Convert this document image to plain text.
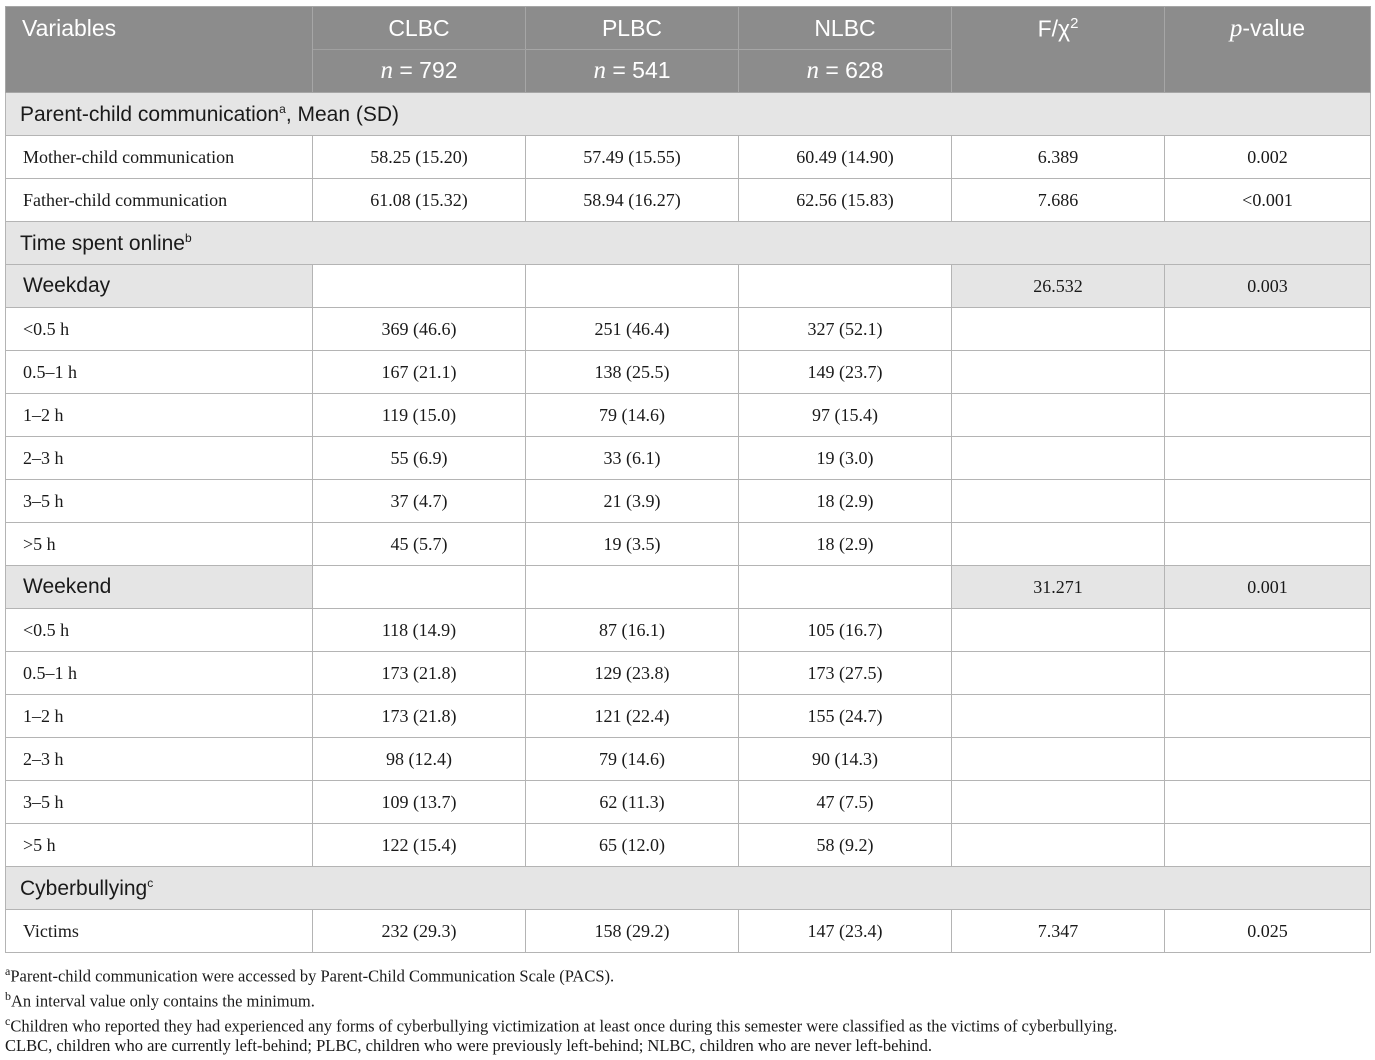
Variables	CLBC	PLBC	NLBC	$F/\chi^2$	p-value
	n = 792	n = 541	n = 628		
Parent-child communication$^a$, Mean (SD)					
Mother-child communication	58.25 (15.20)	57.49 (15.55)	60.49 (14.90)	6.389	0.002
Father-child communication	61.08 (15.32)	58.94 (16.27)	62.56 (15.83)	7.686	<0.001
Time spent online$^b$
Weekday				26.532	0.003
<0.5 h	369 (46.6)	251 (46.4)	327 (52.1)		
0.5–1 h	167 (21.1)	138 (25.5)	149 (23.7)		
1–2 h	119 (15.0)	79 (14.6)	97 (15.4)		
2–3 h	55 (6.9)	33 (6.1)	19 (3.0)		
3–5 h	37 (4.7)	21 (3.9)	18 (2.9)		
>5 h	45 (5.7)	19 (3.5)	18 (2.9)		
Weekend				31.271	0.001
<0.5 h	118 (14.9)	87 (16.1)	105 (16.7)		
0.5–1 h	173 (21.8)	129 (23.8)	173 (27.5)		
1–2 h	173 (21.8)	121 (22.4)	155 (24.7)		
2–3 h	98 (12.4)	79 (14.6)	90 (14.3)		
3–5 h	109 (13.7)	62 (11.3)	47 (7.5)		
>5 h	122 (15.4)	65 (12.0)	58 (9.2)		
Cyberbullying$^c$
Victims	232 (29.3)	158 (29.2)	147 (23.4)	7.347	0.025
$^a$Parent-child communication were accessed by Parent-Child Communication Scale (PACS).
$^b$An interval value only contains the minimum.
$^c$Children who reported they had experienced any forms of cyberbullying victimization at least once during this semester were classified as the victims of cyberbullying.
CLBC, children who are currently left-behind; PLBC, children who were previously left-behind; NLBC, children who are never left-behind.
